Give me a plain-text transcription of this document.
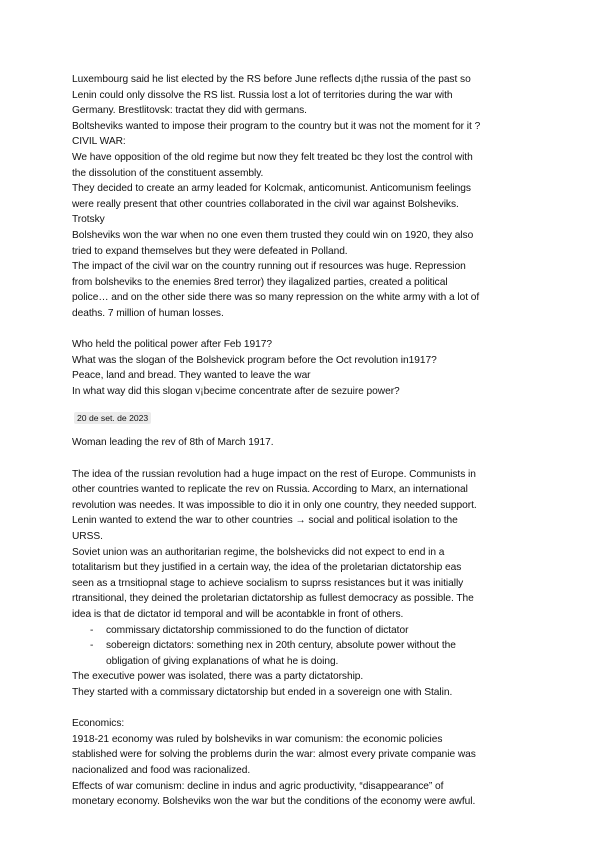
Luxembourg said he list elected by the RS before June reflects d¡the russia of the past so
Lenin could only dissolve the RS list. Russia lost a lot of territories during the war with
Germany. Brestlitovsk: tractat they did with germans.
Boltsheviks wanted to impose their program to the country but it was not the moment for it ?
CIVIL WAR:
We have opposition of the old regime but now they felt treated bc they lost the control with
the dissolution of the constituent assembly.
They decided to create an army leaded for Kolcmak, anticomunist. Anticomunism feelings
were really present that other countries collaborated in the civil war against Bolsheviks.
Trotsky
Bolsheviks won the war when no one even them trusted they could win on 1920, they also
tried to expand themselves but they were defeated in Polland.
The impact of the civil war on the country running out if resources was huge. Repression
from bolsheviks to the enemies 8red terror) they ilagalized parties, created a political
police… and on the other side there was so many repression on the white army with a lot of
deaths. 7 million of human losses.
Who held the political power after Feb 1917?
What was the slogan of the Bolshevick program before the Oct revolution in1917?
Peace, land and bread. They wanted to leave the war
In what way did this slogan v¡becime concentrate after de sezuire power?
20 de set. de 2023
Woman leading the rev of 8th of March 1917.
The idea of the russian revolution had a huge impact on the rest of Europe. Communists in
other countries wanted to replicate the rev on Russia. According to Marx, an international
revolution was needes. It was impossible to dio it in only one country, they needed support.
Lenin wanted to extend the war to other countries → social and political isolation to the
URSS.
Soviet union was an authoritarian regime, the bolshevicks did not expect to end in a
totalitarism but they justified in a certain way, the idea of the proletarian dictatorship eas
seen as a trnsitiopnal stage to achieve socialism to suprss resistances but it was initially
rtransitional, they deined the proletarian dictatorship as fullest democracy as possible. The
idea is that de dictator id temporal and will be acontabkle in front of others.
- commissary dictatorship commissioned to do the function of dictator
- sobereign dictators: something nex in 20th century, absolute power without the
obligation of giving explanations of what he is doing.
The executive power was isolated, there was a party dictatorship.
They started with a commissary dictatorship but ended in a sovereign one with Stalin.
Economics:
1918-21 economy was ruled by bolsheviks in war comunism: the economic policies
stablished were for solving the problems durin the war: almost every private companie was
nacionalized and food was racionalized.
Effects of war comunism: decline in indus and agric productivity, “disappearance” of
monetary economy. Bolsheviks won the war but the conditions of the economy were awful.
